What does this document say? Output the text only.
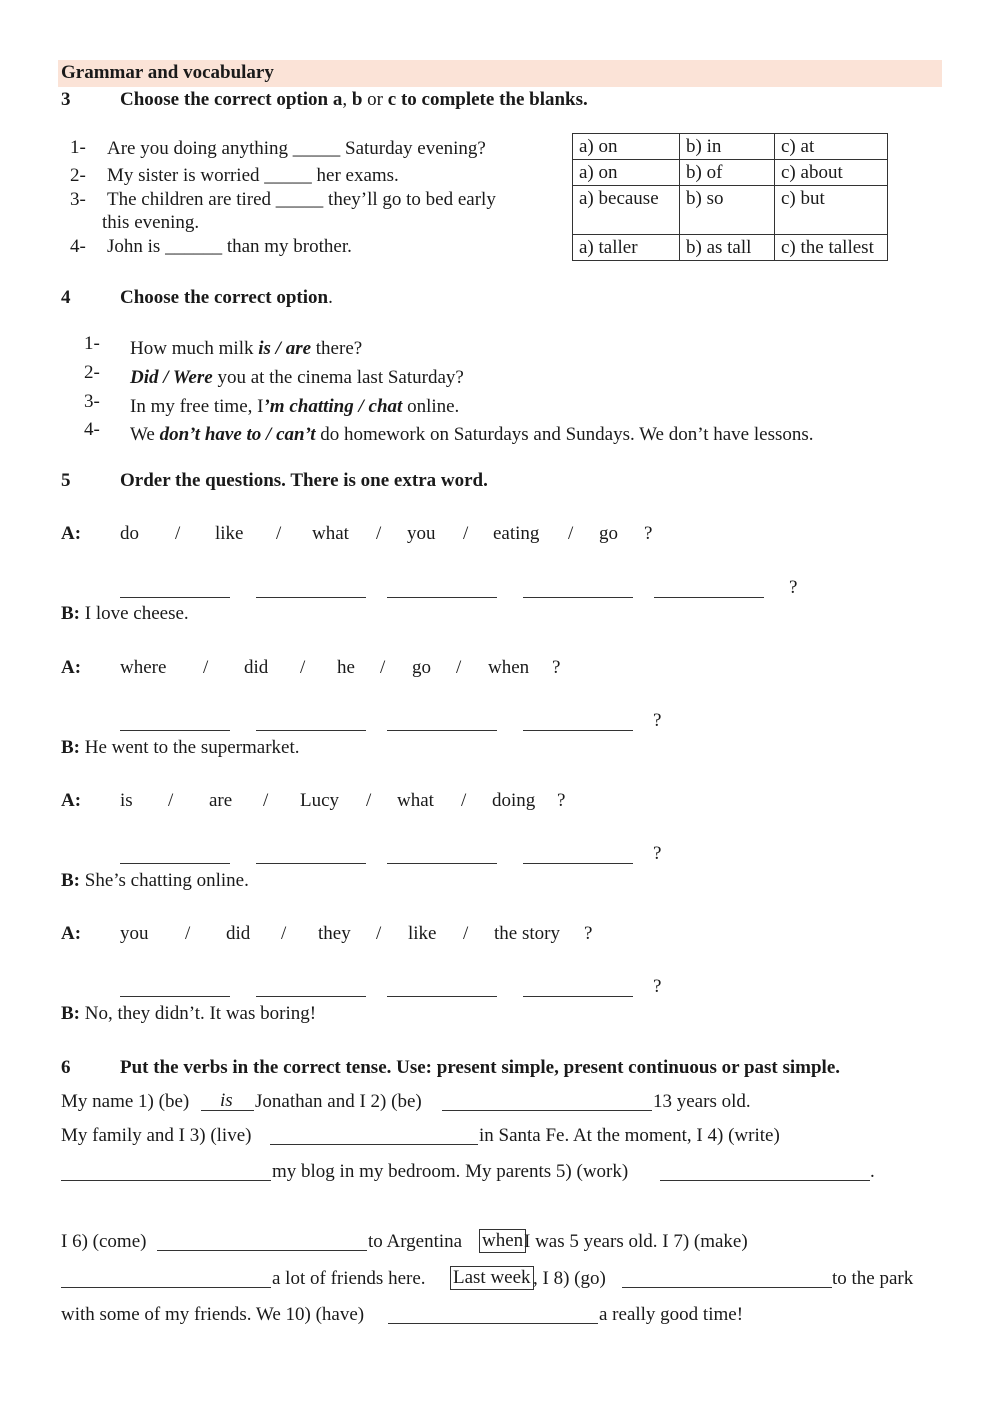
Grammar and vocabulary
3	Choose the correct option a, b or c to complete the blanks.
1- Are you doing anything _____ Saturday evening?
2- My sister is worried _____ her exams.
3- The children are tired _____ they’ll go to bed early
this evening.
4- John is ______ than my brother.
a) on	b) in	c) at
a) on	b) of	c) about
a) because	b) so	c) but
a) taller	b) as tall	c) the tallest
4	Choose the correct option.
1- How much milk is / are there?
2- Did / Were you at the cinema last Saturday?
3- In my free time, I’m chatting / chat online.
4- We don’t have to / can’t do homework on Saturdays and Sundays. We don’t have lessons.
5	Order the questions. There is one extra word.
A: do / like / what / you / eating / go ?
?
B: I love cheese.
A: where / did / he / go / when ?
?
B: He went to the supermarket.
A: is / are / Lucy / what / doing ?
?
B: She’s chatting online.
A: you / did / they / like / the story ?
?
B: No, they didn’t. It was boring!
6	Put the verbs in the correct tense. Use: present simple, present continuous or past simple.
My name 1) (be) is Jonathan and I 2) (be)	13 years old.
My family and I 3) (live)	in Santa Fe. At the moment, I 4) (write)
my blog in my bedroom. My parents 5) (work)	.
I 6) (come)	to Argentina when I was 5 years old. I 7) (make)
a lot of friends here. Last week , I 8) (go)	to the park
with some of my friends. We 10) (have)	a really good time!
